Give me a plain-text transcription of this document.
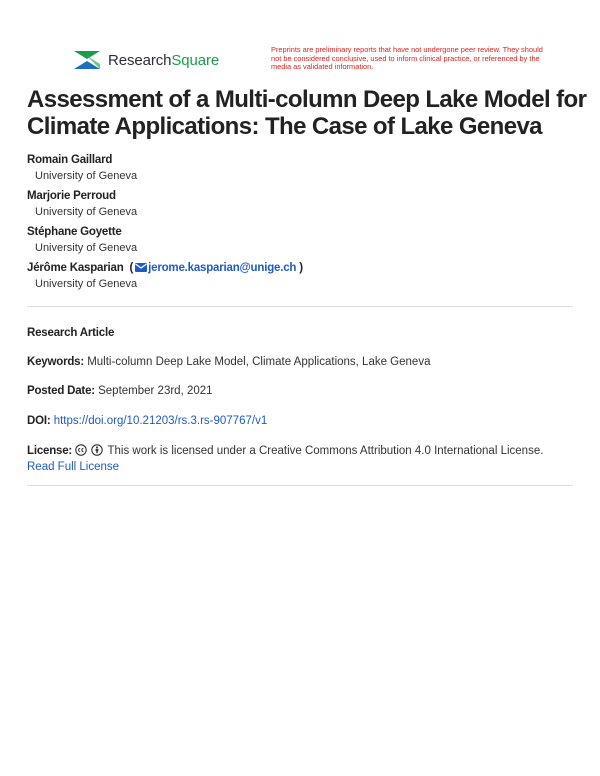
ResearchSquare
Preprints are preliminary reports that have not undergone peer review. They should not be considered conclusive, used to inform clinical practice, or referenced by the media as validated information.
Assessment of a Multi-column Deep Lake Model for Climate Applications: The Case of Lake Geneva
Romain Gaillard
University of Geneva
Marjorie Perroud
University of Geneva
Stéphane Goyette
University of Geneva
Jérôme Kasparian  ( jerome.kasparian@unige.ch )
University of Geneva
Research Article
Keywords: Multi-column Deep Lake Model, Climate Applications, Lake Geneva
Posted Date: September 23rd, 2021
DOI: https://doi.org/10.21203/rs.3.rs-907767/v1
License:	This work is licensed under a Creative Commons Attribution 4.0 International License.
Read Full License
